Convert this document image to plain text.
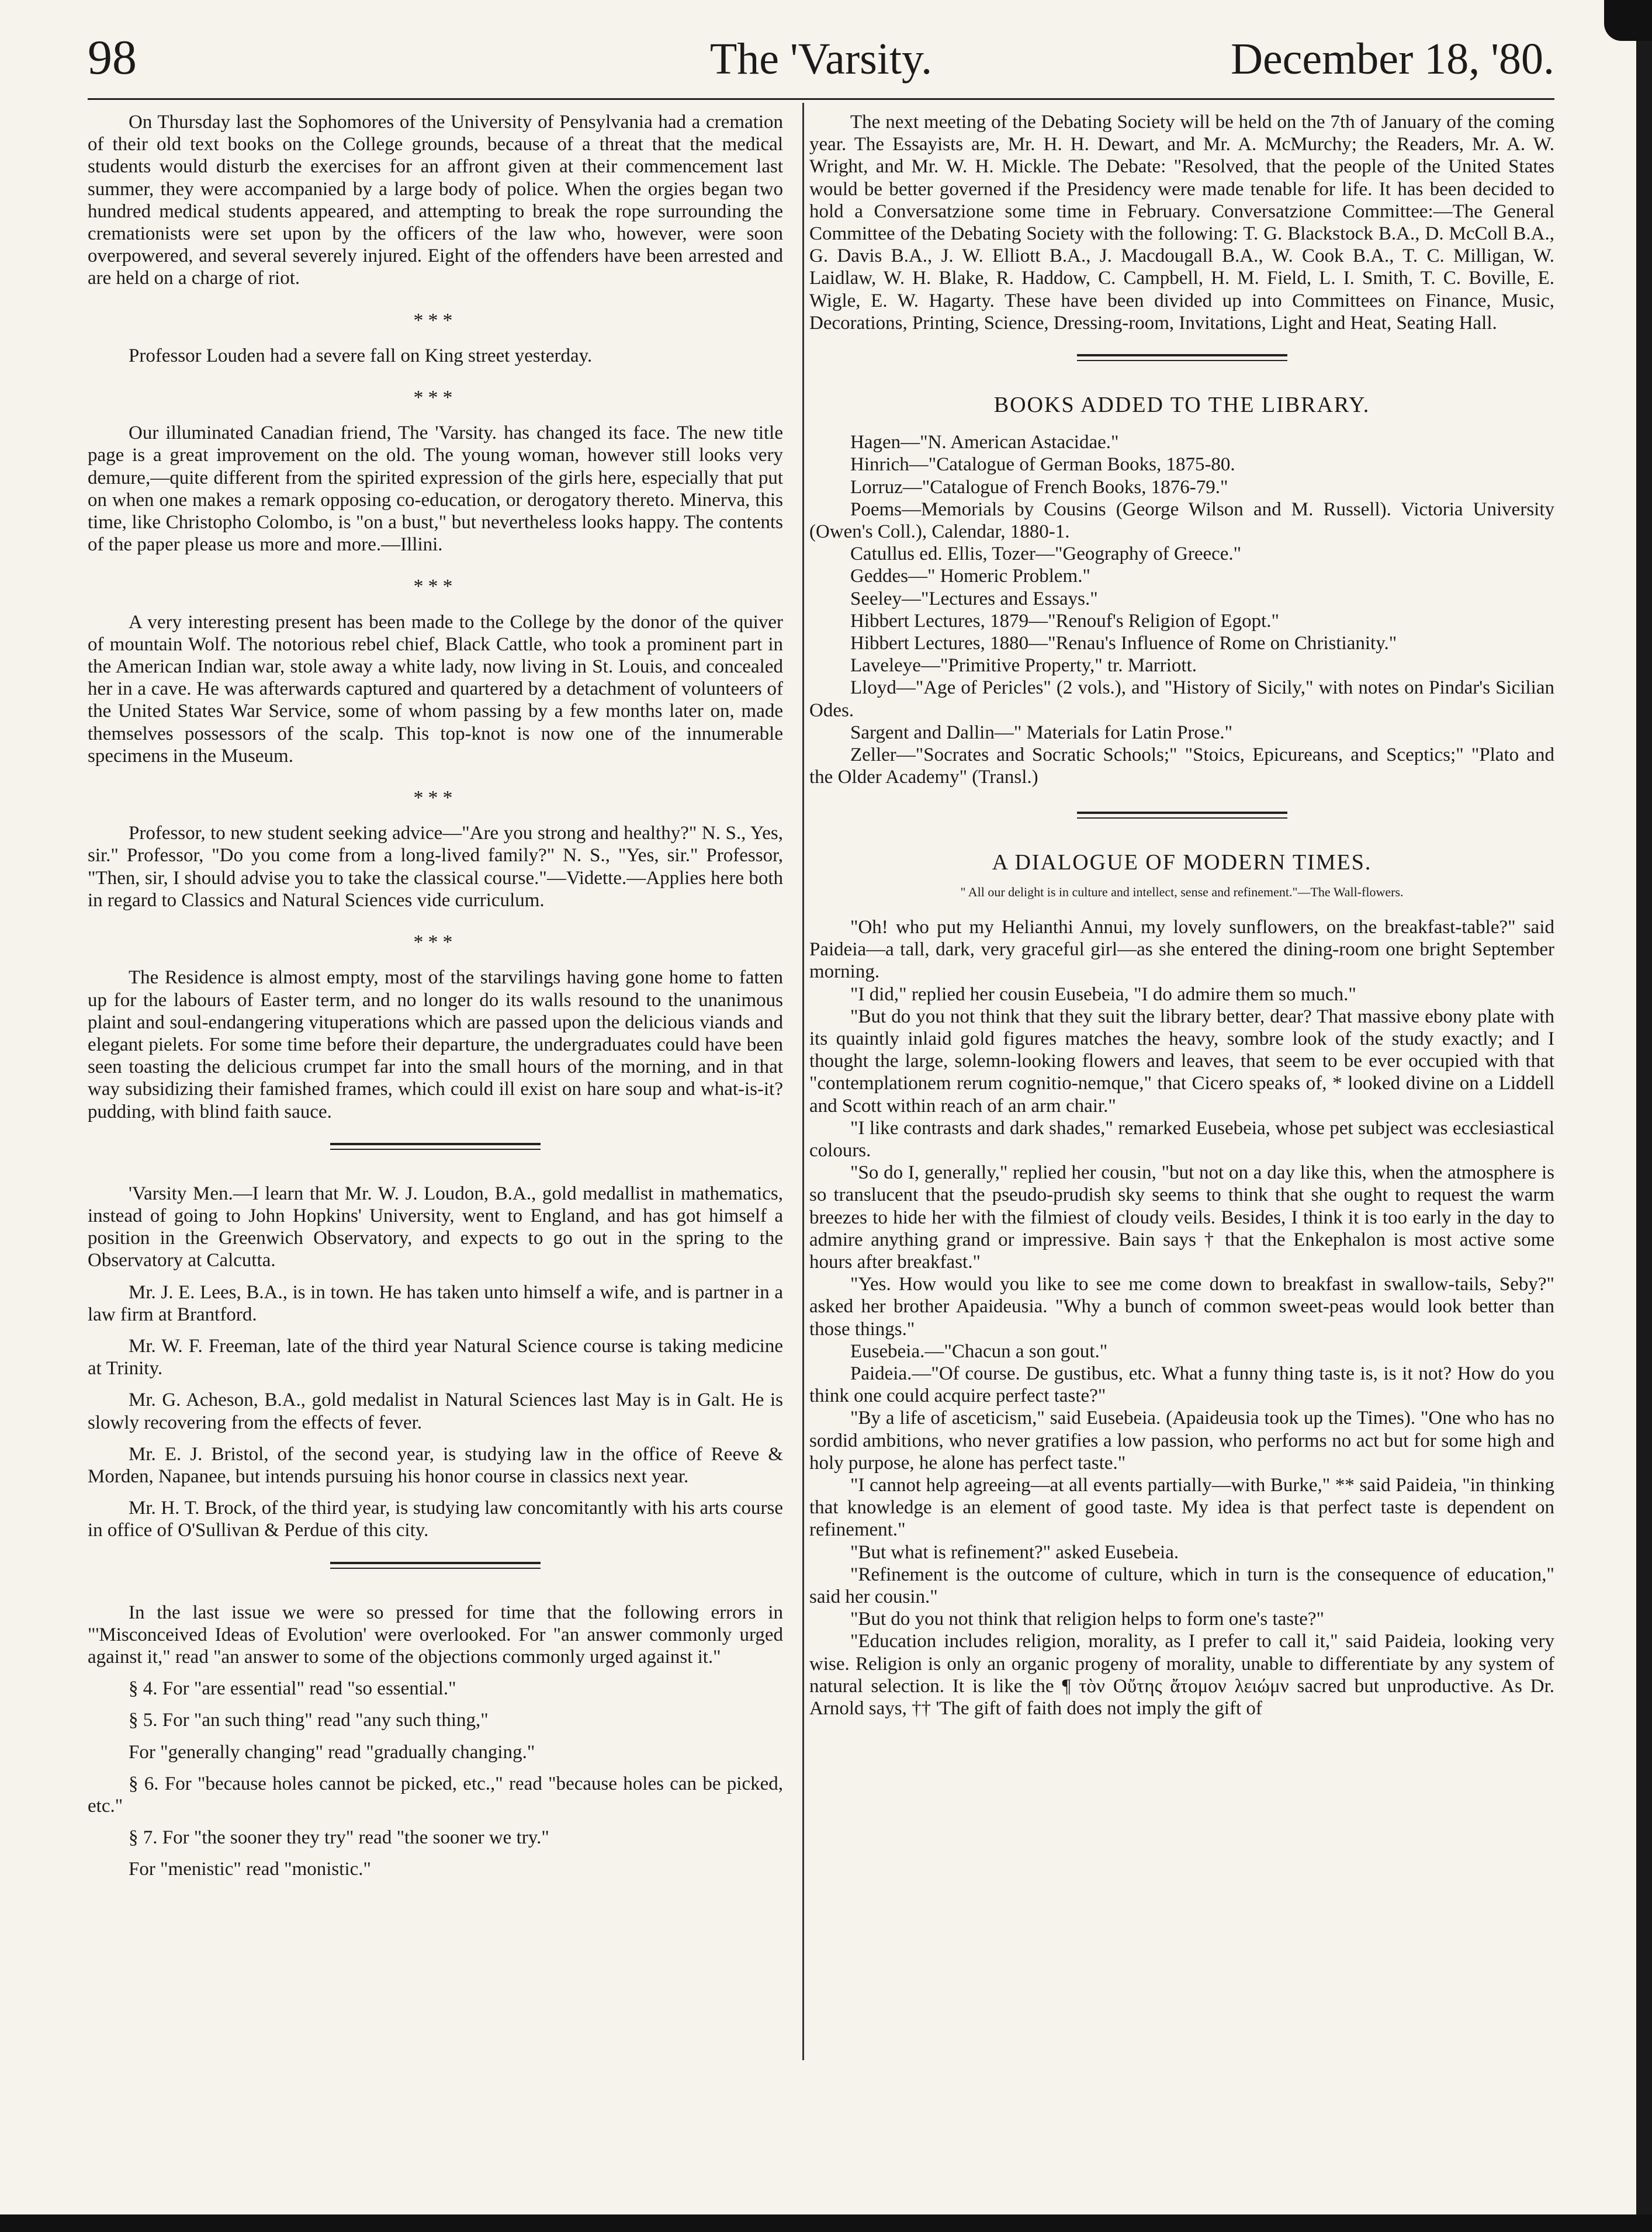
98	The 'Varsity.	December 18, '80.

On Thursday last the Sophomores of the University of Pensylvania had a cremation of their old text books on the College grounds, because of a threat that the medical students would disturb the exercises for an affront given at their commencement last summer, they were accompanied by a large body of police. When the orgies began two hundred medical students appeared, and attempting to break the rope surrounding the cremationists were set upon by the officers of the law who, however, were soon overpowered, and several severely injured. Eight of the offenders have been arrested and are held on a charge of riot.

***

Professor Louden had a severe fall on King street yesterday.

***

Our illuminated Canadian friend, The 'Varsity. has changed its face. The new title page is a great improvement on the old. The young woman, however still looks very demure,—quite different from the spirited expression of the girls here, especially that put on when one makes a remark opposing co-education, or derogatory thereto. Minerva, this time, like Christopho Colombo, is "on a bust," but nevertheless looks happy. The contents of the paper please us more and more.—Illini.

***

A very interesting present has been made to the College by the donor of the quiver of mountain Wolf. The notorious rebel chief, Black Cattle, who took a prominent part in the American Indian war, stole away a white lady, now living in St. Louis, and concealed her in a cave. He was afterwards captured and quartered by a detachment of volunteers of the United States War Service, some of whom passing by a few months later on, made themselves possessors of the scalp. This top-knot is now one of the innumerable specimens in the Museum.

***

Professor, to new student seeking advice—"Are you strong and healthy?" N. S., Yes, sir." Professor, "Do you come from a long-lived family?" N. S., "Yes, sir." Professor, "Then, sir, I should advise you to take the classical course."—Vidette.—Applies here both in regard to Classics and Natural Sciences vide curriculum.

***

The Residence is almost empty, most of the starvilings having gone home to fatten up for the labours of Easter term, and no longer do its walls resound to the unanimous plaint and soul-endangering vituperations which are passed upon the delicious viands and elegant pielets. For some time before their departure, the undergraduates could have been seen toasting the delicious crumpet far into the small hours of the morning, and in that way subsidizing their famished frames, which could ill exist on hare soup and what-is-it? pudding, with blind faith sauce.

'Varsity Men.—I learn that Mr. W. J. Loudon, B.A., gold medallist in mathematics, instead of going to John Hopkins' University, went to England, and has got himself a position in the Greenwich Observatory, and expects to go out in the spring to the Observatory at Calcutta.

Mr. J. E. Lees, B.A., is in town. He has taken unto himself a wife, and is partner in a law firm at Brantford.

Mr. W. F. Freeman, late of the third year Natural Science course is taking medicine at Trinity.

Mr. G. Acheson, B.A., gold medalist in Natural Sciences last May is in Galt. He is slowly recovering from the effects of fever.

Mr. E. J. Bristol, of the second year, is studying law in the office of Reeve & Morden, Napanee, but intends pursuing his honor course in classics next year.

Mr. H. T. Brock, of the third year, is studying law concomitantly with his arts course in office of O'Sullivan & Perdue of this city.

In the last issue we were so pressed for time that the following errors in "'Misconceived Ideas of Evolution' were overlooked. For "an answer commonly urged against it," read "an answer to some of the objections commonly urged against it."

§ 4. For "are essential" read "so essential."

§ 5. For "an such thing" read "any such thing,"

For "generally changing" read "gradually changing."

§ 6. For "because holes cannot be picked, etc.," read "because holes can be picked, etc."

§ 7. For "the sooner they try" read "the sooner we try."

For "menistic" read "monistic."

The next meeting of the Debating Society will be held on the 7th of January of the coming year. The Essayists are, Mr. H. H. Dewart, and Mr. A. McMurchy; the Readers, Mr. A. W. Wright, and Mr. W. H. Mickle. The Debate: "Resolved, that the people of the United States would be better governed if the Presidency were made tenable for life. It has been decided to hold a Conversatzione some time in February. Conversatzione Committee:—The General Committee of the Debating Society with the following: T. G. Blackstock B.A., D. McColl B.A., G. Davis B.A., J. W. Elliott B.A., J. Macdougall B.A., W. Cook B.A., T. C. Milligan, W. Laidlaw, W. H. Blake, R. Haddow, C. Campbell, H. M. Field, L. I. Smith, T. C. Boville, E. Wigle, E. W. Hagarty. These have been divided up into Committees on Finance, Music, Decorations, Printing, Science, Dressing-room, Invitations, Light and Heat, Seating Hall.

BOOKS ADDED TO THE LIBRARY.

Hagen—"N. American Astacidae."

Hinrich—"Catalogue of German Books, 1875-80.

Lorruz—"Catalogue of French Books, 1876-79."

Poems—Memorials by Cousins (George Wilson and M. Russell). Victoria University (Owen's Coll.), Calendar, 1880-1.

Catullus ed. Ellis, Tozer—"Geography of Greece."

Geddes—" Homeric Problem."

Seeley—"Lectures and Essays."

Hibbert Lectures, 1879—"Renouf's Religion of Egopt."

Hibbert Lectures, 1880—"Renau's Influence of Rome on Christianity."

Laveleye—"Primitive Property," tr. Marriott.

Lloyd—"Age of Pericles" (2 vols.), and "History of Sicily," with notes on Pindar's Sicilian Odes.

Sargent and Dallin—" Materials for Latin Prose."

Zeller—"Socrates and Socratic Schools;" "Stoics, Epicureans, and Sceptics;" "Plato and the Older Academy" (Transl.)

A DIALOGUE OF MODERN TIMES.
" All our delight is in culture and intellect, sense and refinement."—The Wall-flowers.

"Oh! who put my Helianthi Annui, my lovely sunflowers, on the breakfast-table?" said Paideia—a tall, dark, very graceful girl—as she entered the dining-room one bright September morning.

"I did," replied her cousin Eusebeia, "I do admire them so much."

"But do you not think that they suit the library better, dear? That massive ebony plate with its quaintly inlaid gold figures matches the heavy, sombre look of the study exactly; and I thought the large, solemn-looking flowers and leaves, that seem to be ever occupied with that "contemplationem rerum cognitio-nemque," that Cicero speaks of, * looked divine on a Liddell and Scott within reach of an arm chair."

"I like contrasts and dark shades," remarked Eusebeia, whose pet subject was ecclesiastical colours.

"So do I, generally," replied her cousin, "but not on a day like this, when the atmosphere is so translucent that the pseudo-prudish sky seems to think that she ought to request the warm breezes to hide her with the filmiest of cloudy veils. Besides, I think it is too early in the day to admire anything grand or impressive. Bain says † that the Enkephalon is most active some hours after breakfast."

"Yes. How would you like to see me come down to breakfast in swallow-tails, Seby?" asked her brother Apaideusia. "Why a bunch of common sweet-peas would look better than those things."

Eusebeia.—"Chacun a son gout."

Paideia.—"Of course. De gustibus, etc. What a funny thing taste is, is it not? How do you think one could acquire perfect taste?"

"By a life of asceticism," said Eusebeia. (Apaideusia took up the Times). "One who has no sordid ambitions, who never gratifies a low passion, who performs no act but for some high and holy purpose, he alone has perfect taste."

"I cannot help agreeing—at all events partially—with Burke," ** said Paideia, "in thinking that knowledge is an element of good taste. My idea is that perfect taste is dependent on refinement."

"But what is refinement?" asked Eusebeia.

"Refinement is the outcome of culture, which in turn is the consequence of education," said her cousin."

"But do you not think that religion helps to form one's taste?"

"Education includes religion, morality, as I prefer to call it," said Paideia, looking very wise. Religion is only an organic progeny of morality, unable to differentiate by any system of natural selection. It is like the ¶ τὸν Οὔτης ἄτομον λειώμν sacred but unproductive. As Dr. Arnold says, †† 'The gift of faith does not imply the gift of
